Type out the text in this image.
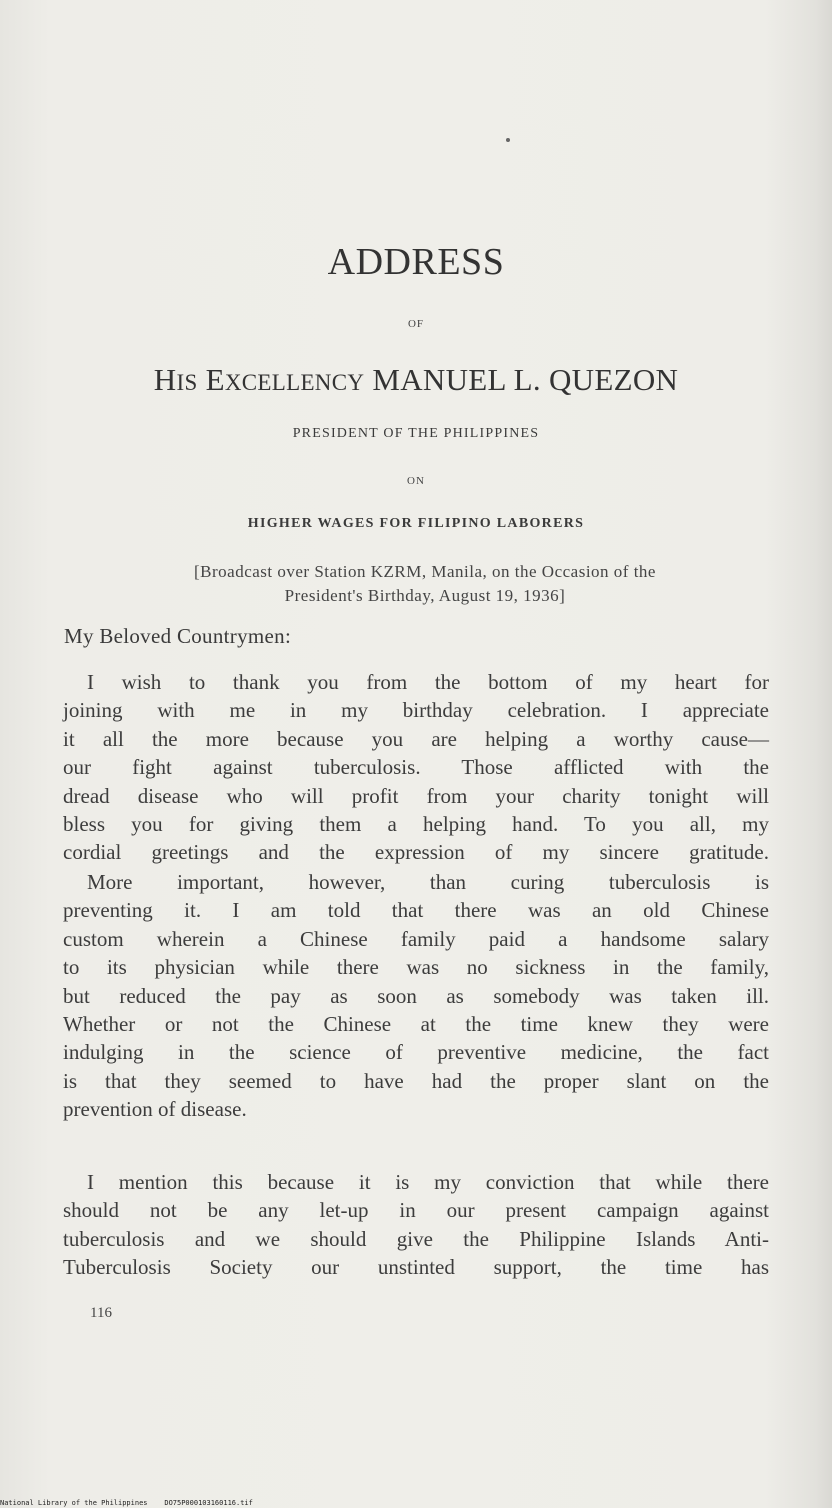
ADDRESS
OF
HIS EXCELLENCY MANUEL L. QUEZON
PRESIDENT OF THE PHILIPPINES
ON
HIGHER WAGES FOR FILIPINO LABORERS
[Broadcast over Station KZRM, Manila, on the Occasion of the
President's Birthday, August 19, 1936]
My Beloved Countrymen:
I wish to thank you from the bottom of my heart for
joining with me in my birthday celebration. I appreciate
it all the more because you are helping a worthy cause—
our fight against tuberculosis. Those afflicted with the
dread disease who will profit from your charity tonight will
bless you for giving them a helping hand. To you all, my
cordial greetings and the expression of my sincere gratitude.
More important, however, than curing tuberculosis is
preventing it. I am told that there was an old Chinese
custom wherein a Chinese family paid a handsome salary
to its physician while there was no sickness in the family,
but reduced the pay as soon as somebody was taken ill.
Whether or not the Chinese at the time knew they were
indulging in the science of preventive medicine, the fact
is that they seemed to have had the proper slant on the
prevention of disease.
I mention this because it is my conviction that while there
should not be any let-up in our present campaign against
tuberculosis and we should give the Philippine Islands Anti-
Tuberculosis Society our unstinted support, the time has
116
National Library of the Philippines    DO75P000103160116.tif
